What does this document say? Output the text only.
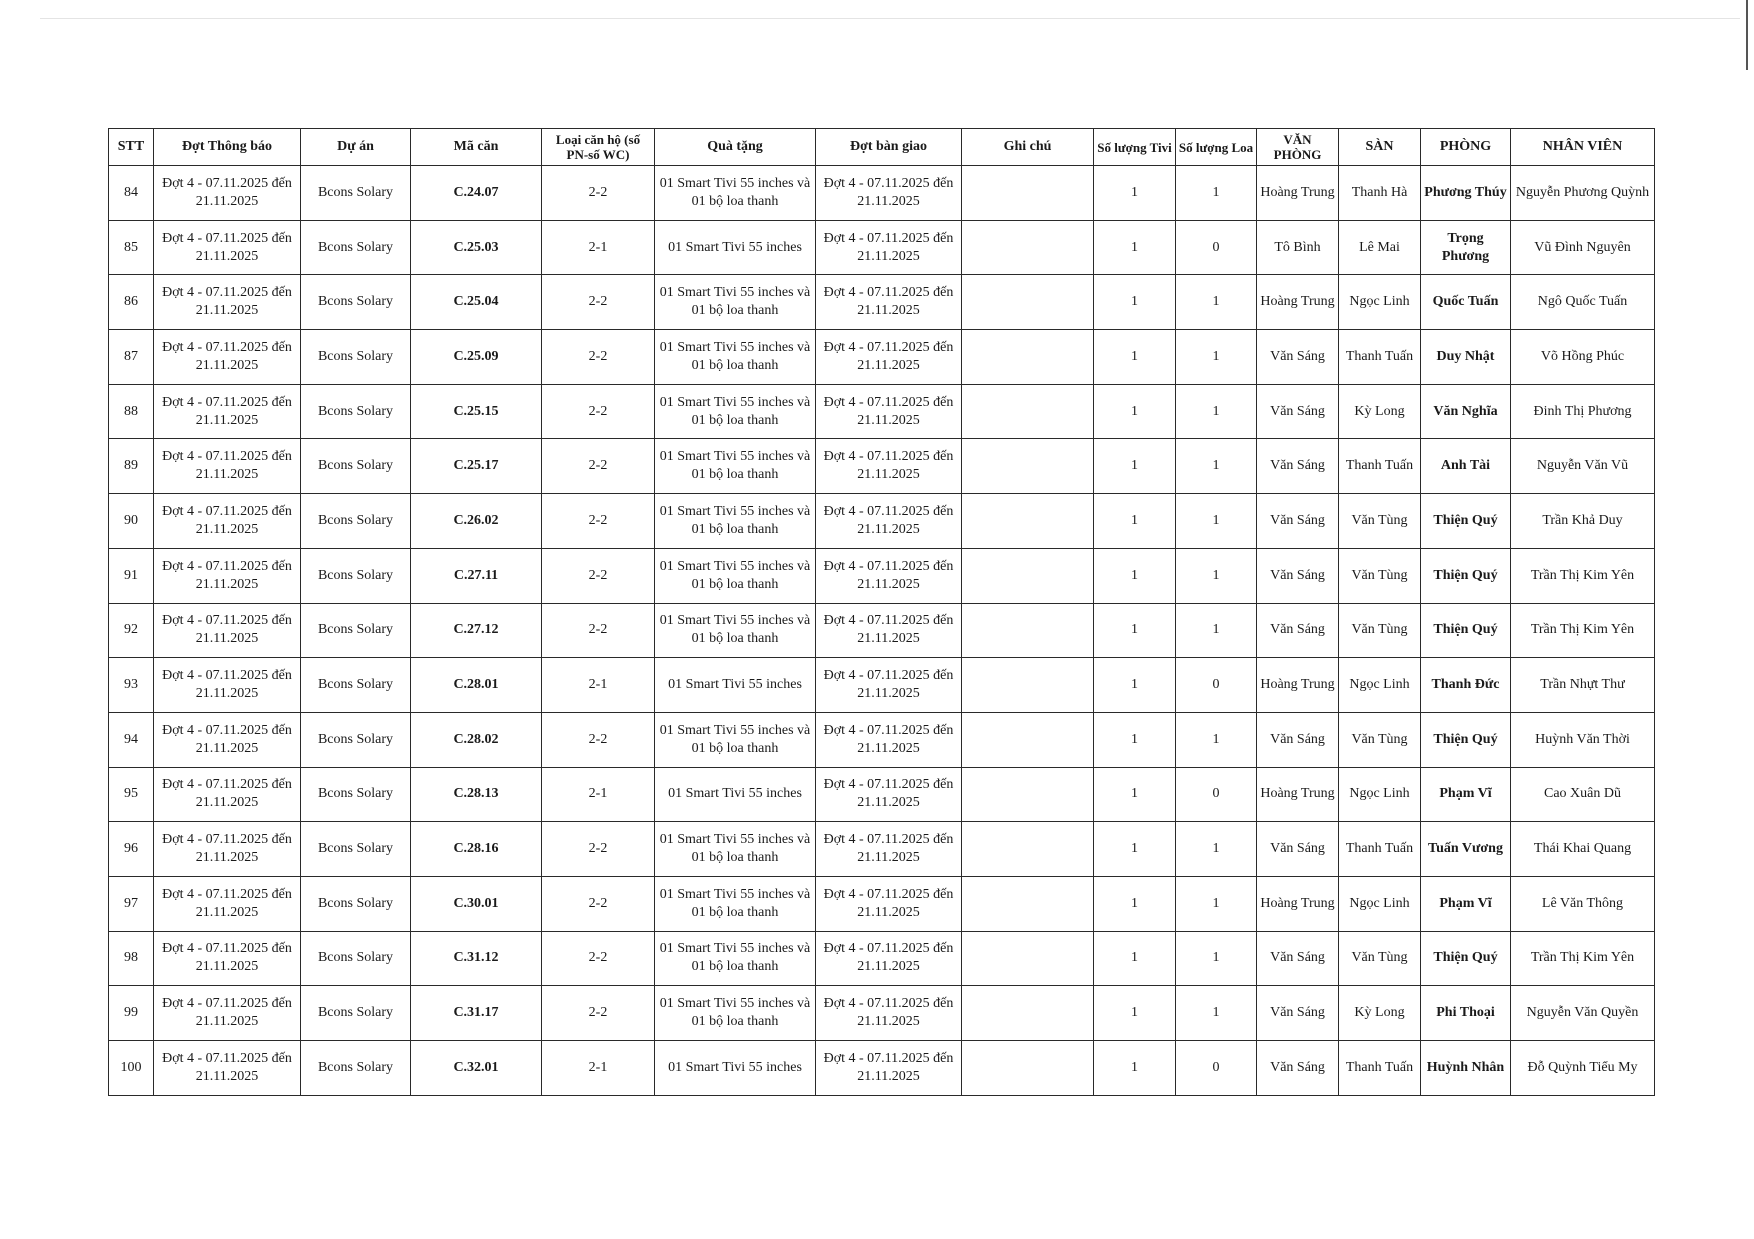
STT	Đợt Thông báo	Dự án	Mã căn	Loại căn hộ (số PN-số WC)	Quà tặng	Đợt bàn giao	Ghi chú	Số lượng Tivi	Số lượng Loa	VĂN PHÒNG	SÀN	PHÒNG	NHÂN VIÊN
84	Đợt 4 - 07.11.2025 đến 21.11.2025	Bcons Solary	C.24.07	2-2	01 Smart Tivi 55 inches và 01 bộ loa thanh	Đợt 4 - 07.11.2025 đến 21.11.2025		1	1	Hoàng Trung	Thanh Hà	Phương Thúy	Nguyễn Phương Quỳnh
85	Đợt 4 - 07.11.2025 đến 21.11.2025	Bcons Solary	C.25.03	2-1	01 Smart Tivi 55 inches	Đợt 4 - 07.11.2025 đến 21.11.2025		1	0	Tô Bình	Lê Mai	Trọng Phương	Vũ Đình Nguyên
86	Đợt 4 - 07.11.2025 đến 21.11.2025	Bcons Solary	C.25.04	2-2	01 Smart Tivi 55 inches và 01 bộ loa thanh	Đợt 4 - 07.11.2025 đến 21.11.2025		1	1	Hoàng Trung	Ngọc Linh	Quốc Tuấn	Ngô Quốc Tuấn
87	Đợt 4 - 07.11.2025 đến 21.11.2025	Bcons Solary	C.25.09	2-2	01 Smart Tivi 55 inches và 01 bộ loa thanh	Đợt 4 - 07.11.2025 đến 21.11.2025		1	1	Văn Sáng	Thanh Tuấn	Duy Nhật	Võ Hồng Phúc
88	Đợt 4 - 07.11.2025 đến 21.11.2025	Bcons Solary	C.25.15	2-2	01 Smart Tivi 55 inches và 01 bộ loa thanh	Đợt 4 - 07.11.2025 đến 21.11.2025		1	1	Văn Sáng	Kỳ Long	Văn Nghĩa	Đinh Thị Phương
89	Đợt 4 - 07.11.2025 đến 21.11.2025	Bcons Solary	C.25.17	2-2	01 Smart Tivi 55 inches và 01 bộ loa thanh	Đợt 4 - 07.11.2025 đến 21.11.2025		1	1	Văn Sáng	Thanh Tuấn	Anh Tài	Nguyễn Văn Vũ
90	Đợt 4 - 07.11.2025 đến 21.11.2025	Bcons Solary	C.26.02	2-2	01 Smart Tivi 55 inches và 01 bộ loa thanh	Đợt 4 - 07.11.2025 đến 21.11.2025		1	1	Văn Sáng	Văn Tùng	Thiện Quý	Trần Khả Duy
91	Đợt 4 - 07.11.2025 đến 21.11.2025	Bcons Solary	C.27.11	2-2	01 Smart Tivi 55 inches và 01 bộ loa thanh	Đợt 4 - 07.11.2025 đến 21.11.2025		1	1	Văn Sáng	Văn Tùng	Thiện Quý	Trần Thị Kim Yên
92	Đợt 4 - 07.11.2025 đến 21.11.2025	Bcons Solary	C.27.12	2-2	01 Smart Tivi 55 inches và 01 bộ loa thanh	Đợt 4 - 07.11.2025 đến 21.11.2025		1	1	Văn Sáng	Văn Tùng	Thiện Quý	Trần Thị Kim Yên
93	Đợt 4 - 07.11.2025 đến 21.11.2025	Bcons Solary	C.28.01	2-1	01 Smart Tivi 55 inches	Đợt 4 - 07.11.2025 đến 21.11.2025		1	0	Hoàng Trung	Ngọc Linh	Thanh Đức	Trần Nhựt Thư
94	Đợt 4 - 07.11.2025 đến 21.11.2025	Bcons Solary	C.28.02	2-2	01 Smart Tivi 55 inches và 01 bộ loa thanh	Đợt 4 - 07.11.2025 đến 21.11.2025		1	1	Văn Sáng	Văn Tùng	Thiện Quý	Huỳnh Văn Thời
95	Đợt 4 - 07.11.2025 đến 21.11.2025	Bcons Solary	C.28.13	2-1	01 Smart Tivi 55 inches	Đợt 4 - 07.11.2025 đến 21.11.2025		1	0	Hoàng Trung	Ngọc Linh	Phạm Vĩ	Cao Xuân Dũ
96	Đợt 4 - 07.11.2025 đến 21.11.2025	Bcons Solary	C.28.16	2-2	01 Smart Tivi 55 inches và 01 bộ loa thanh	Đợt 4 - 07.11.2025 đến 21.11.2025		1	1	Văn Sáng	Thanh Tuấn	Tuấn Vương	Thái Khai Quang
97	Đợt 4 - 07.11.2025 đến 21.11.2025	Bcons Solary	C.30.01	2-2	01 Smart Tivi 55 inches và 01 bộ loa thanh	Đợt 4 - 07.11.2025 đến 21.11.2025		1	1	Hoàng Trung	Ngọc Linh	Phạm Vĩ	Lê Văn Thông
98	Đợt 4 - 07.11.2025 đến 21.11.2025	Bcons Solary	C.31.12	2-2	01 Smart Tivi 55 inches và 01 bộ loa thanh	Đợt 4 - 07.11.2025 đến 21.11.2025		1	1	Văn Sáng	Văn Tùng	Thiện Quý	Trần Thị Kim Yên
99	Đợt 4 - 07.11.2025 đến 21.11.2025	Bcons Solary	C.31.17	2-2	01 Smart Tivi 55 inches và 01 bộ loa thanh	Đợt 4 - 07.11.2025 đến 21.11.2025		1	1	Văn Sáng	Kỳ Long	Phi Thoại	Nguyễn Văn Quyền
100	Đợt 4 - 07.11.2025 đến 21.11.2025	Bcons Solary	C.32.01	2-1	01 Smart Tivi 55 inches	Đợt 4 - 07.11.2025 đến 21.11.2025		1	0	Văn Sáng	Thanh Tuấn	Huỳnh Nhân	Đỗ Quỳnh Tiểu My
